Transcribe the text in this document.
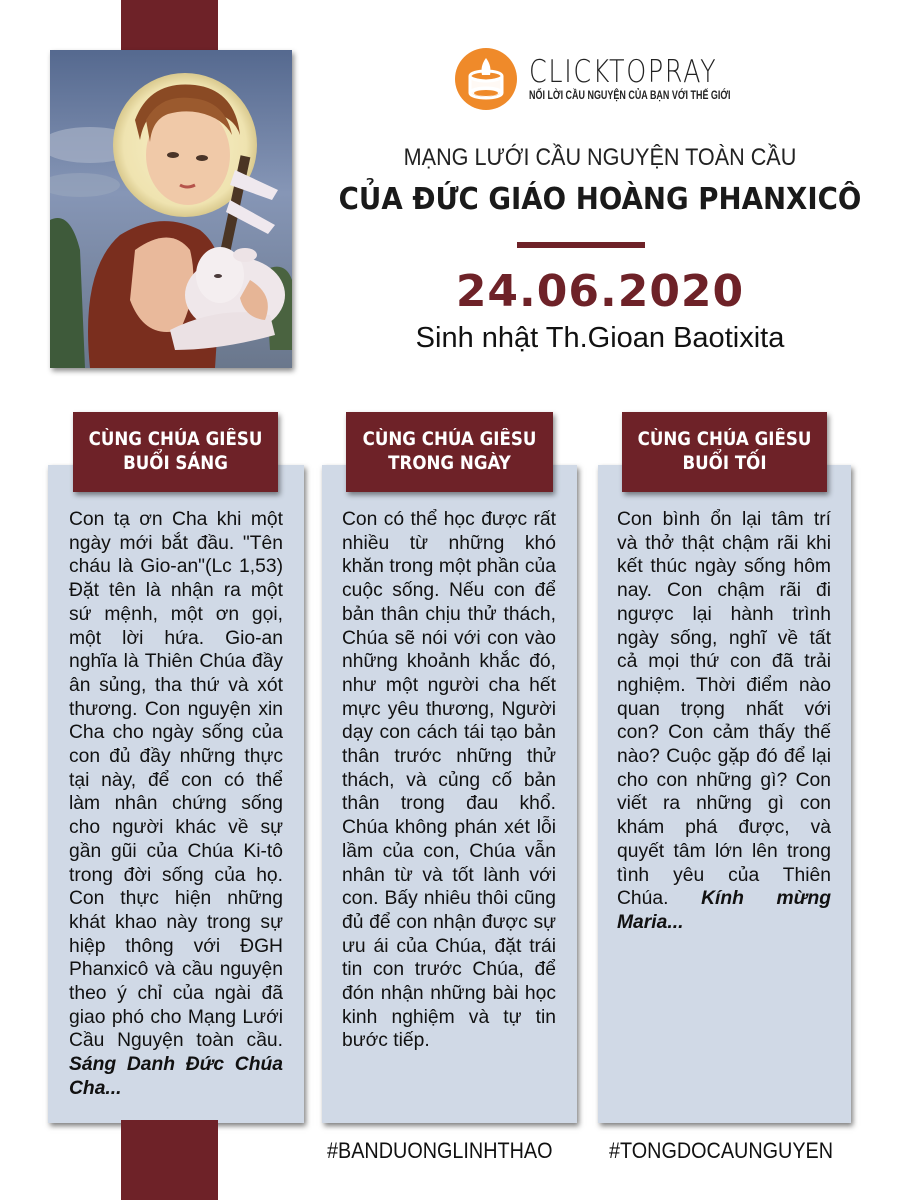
CLICKTOPRAY
NỐI LỜI CẦU NGUYỆN CỦA BẠN VỚI THẾ GIỚI
MẠNG LƯỚI CẦU NGUYỆN TOÀN CẦU
CỦA ĐỨC GIÁO HOÀNG PHANXICÔ
24.06.2020
Sinh nhật Th.Gioan Baotixita
CÙNG CHÚA GIÊSU
BUỔI SÁNG
CÙNG CHÚA GIÊSU
TRONG NGÀY
CÙNG CHÚA GIÊSU
BUỔI TỐI
Con tạ ơn Cha khi một ngày mới bắt đầu. "Tên cháu là Gio-an"(Lc 1,53) Đặt tên là nhận ra một sứ mệnh, một ơn gọi, một lời hứa. Gio-an nghĩa là Thiên Chúa đầy ân sủng, tha thứ và xót thương. Con nguyện xin Cha cho ngày sống của con đủ đầy những thực tại này, để con có thể làm nhân chứng sống cho người khác về sự gần gũi của Chúa Ki-tô trong đời sống của họ. Con thực hiện những khát khao này trong sự hiệp thông với ĐGH Phanxicô và cầu nguyện theo ý chỉ của ngài đã giao phó cho Mạng Lưới Cầu Nguyện toàn cầu. Sáng Danh Đức Chúa Cha...
Con có thể học được rất nhiều từ những khó khăn trong một phần của cuộc sống. Nếu con để bản thân chịu thử thách, Chúa sẽ nói với con vào những khoảnh khắc đó, như một người cha hết mực yêu thương, Người dạy con cách tái tạo bản thân trước những thử thách, và củng cố bản thân trong đau khổ. Chúa không phán xét lỗi lầm của con, Chúa vẫn nhân từ và tốt lành với con. Bấy nhiêu thôi cũng đủ để con nhận được sự ưu ái của Chúa, đặt trái tin con trước Chúa, để đón nhận những bài học kinh nghiệm và tự tin bước tiếp.
Con bình ổn lại tâm trí và thở thật chậm rãi khi kết thúc ngày sống hôm nay. Con chậm rãi đi ngược lại hành trình ngày sống, nghĩ về tất cả mọi thứ con đã trải nghiệm. Thời điểm nào quan trọng nhất với con? Con cảm thấy thế nào? Cuộc gặp đó để lại cho con những gì? Con viết ra những gì con khám phá được, và quyết tâm lớn lên trong tình yêu của Thiên Chúa. Kính mừng Maria...
#BANDUONGLINHTHAO	#TONGDOCAUNGUYEN
